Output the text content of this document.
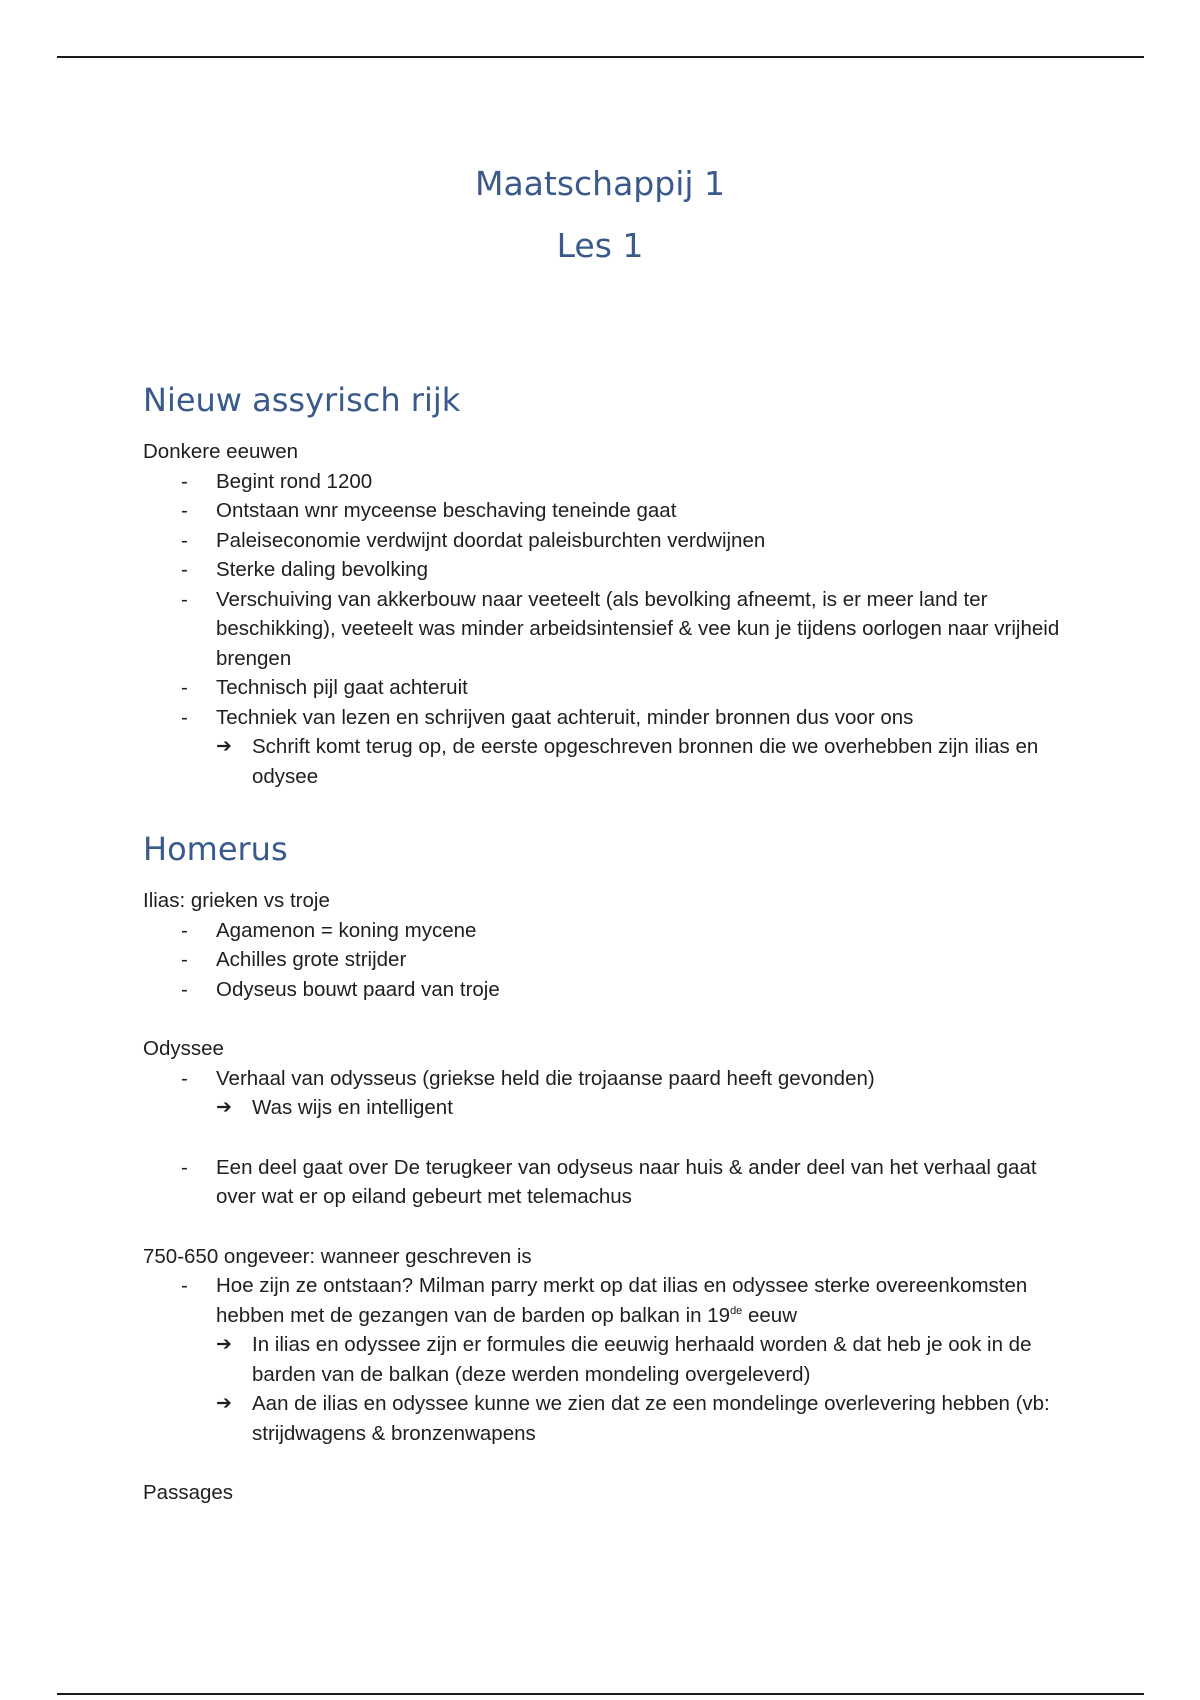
Maatschappij 1
Les 1
Nieuw assyrisch rijk

Donkere eeuwen

- Begint rond 1200
- Ontstaan wnr myceense beschaving teneinde gaat
- Paleiseconomie verdwijnt doordat paleisburchten verdwijnen
- Sterke daling bevolking
- Verschuiving van akkerbouw naar veeteelt (als bevolking afneemt, is er meer land ter beschikking), veeteelt was minder arbeidsintensief & vee kun je tijdens oorlogen naar vrijheid brengen
- Technisch pijl gaat achteruit
- Techniek van lezen en schrijven gaat achteruit, minder bronnen dus voor ons
➔ Schrift komt terug op, de eerste opgeschreven bronnen die we overhebben zijn ilias en odysee
Homerus

Ilias: grieken vs troje

- Agamenon = koning mycene
- Achilles grote strijder
- Odyseus bouwt paard van troje

Odyssee

- Verhaal van odysseus (griekse held die trojaanse paard heeft gevonden)
➔ Was wijs en intelligent
- Een deel gaat over De terugkeer van odyseus naar huis & ander deel van het verhaal gaat over wat er op eiland gebeurt met telemachus

750-650 ongeveer: wanneer geschreven is

- Hoe zijn ze ontstaan? Milman parry merkt op dat ilias en odyssee sterke overeenkomsten hebben met de gezangen van de barden op balkan in 19de eeuw
➔ In ilias en odyssee zijn er formules die eeuwig herhaald worden & dat heb je ook in de barden van de balkan (deze werden mondeling overgeleverd)
➔ Aan de ilias en odyssee kunne we zien dat ze een mondelinge overlevering hebben (vb: strijdwagens & bronzenwapens

Passages
